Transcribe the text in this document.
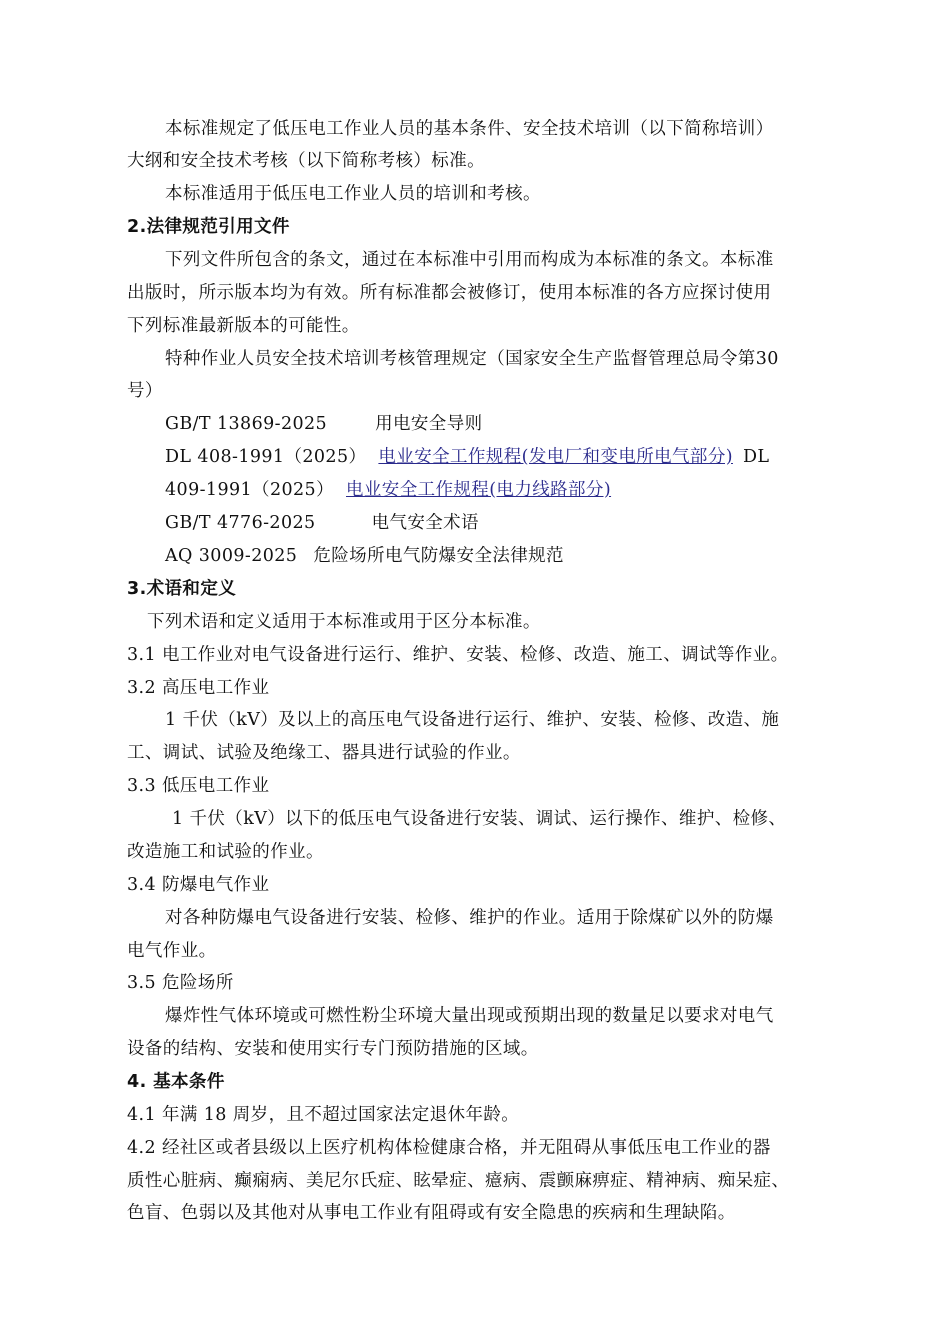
本标准规定了低压电工作业人员的基本条件、安全技术培训（以下简称培训）
大纲和安全技术考核（以下简称考核）标准。
本标准适用于低压电工作业人员的培训和考核。
2.法律规范引用文件
下列文件所包含的条文，通过在本标准中引用而构成为本标准的条文。本标准
出版时，所示版本均为有效。所有标准都会被修订，使用本标准的各方应探讨使用
下列标准最新版本的可能性。
特种作业人员安全技术培训考核管理规定（国家安全生产监督管理总局令第30
号）
GB/T 13869-2025	用电安全导则
DL 408-1991（2025） 电业安全工作规程(发电厂和变电所电气部分) DL
409-1991（2025） 电业安全工作规程(电力线路部分)
GB/T 4776-2025	电气安全术语
AQ 3009-2025 危险场所电气防爆安全法律规范
3.术语和定义
下列术语和定义适用于本标准或用于区分本标准。
3.1 电工作业对电气设备进行运行、维护、安装、检修、改造、施工、调试等作业。
3.2 高压电工作业
1 千伏（kV）及以上的高压电气设备进行运行、维护、安装、检修、改造、施
工、调试、试验及绝缘工、器具进行试验的作业。
3.3 低压电工作业
1 千伏（kV）以下的低压电气设备进行安装、调试、运行操作、维护、检修、
改造施工和试验的作业。
3.4 防爆电气作业
对各种防爆电气设备进行安装、检修、维护的作业。适用于除煤矿以外的防爆
电气作业。
3.5 危险场所
爆炸性气体环境或可燃性粉尘环境大量出现或预期出现的数量足以要求对电气
设备的结构、安装和使用实行专门预防措施的区域。
4. 基本条件
4.1 年满 18 周岁，且不超过国家法定退休年龄。
4.2 经社区或者县级以上医疗机构体检健康合格，并无阻碍从事低压电工作业的器
质性心脏病、癫痫病、美尼尔氏症、眩晕症、癔病、震颤麻痹症、精神病、痴呆症、
色盲、色弱以及其他对从事电工作业有阻碍或有安全隐患的疾病和生理缺陷。
